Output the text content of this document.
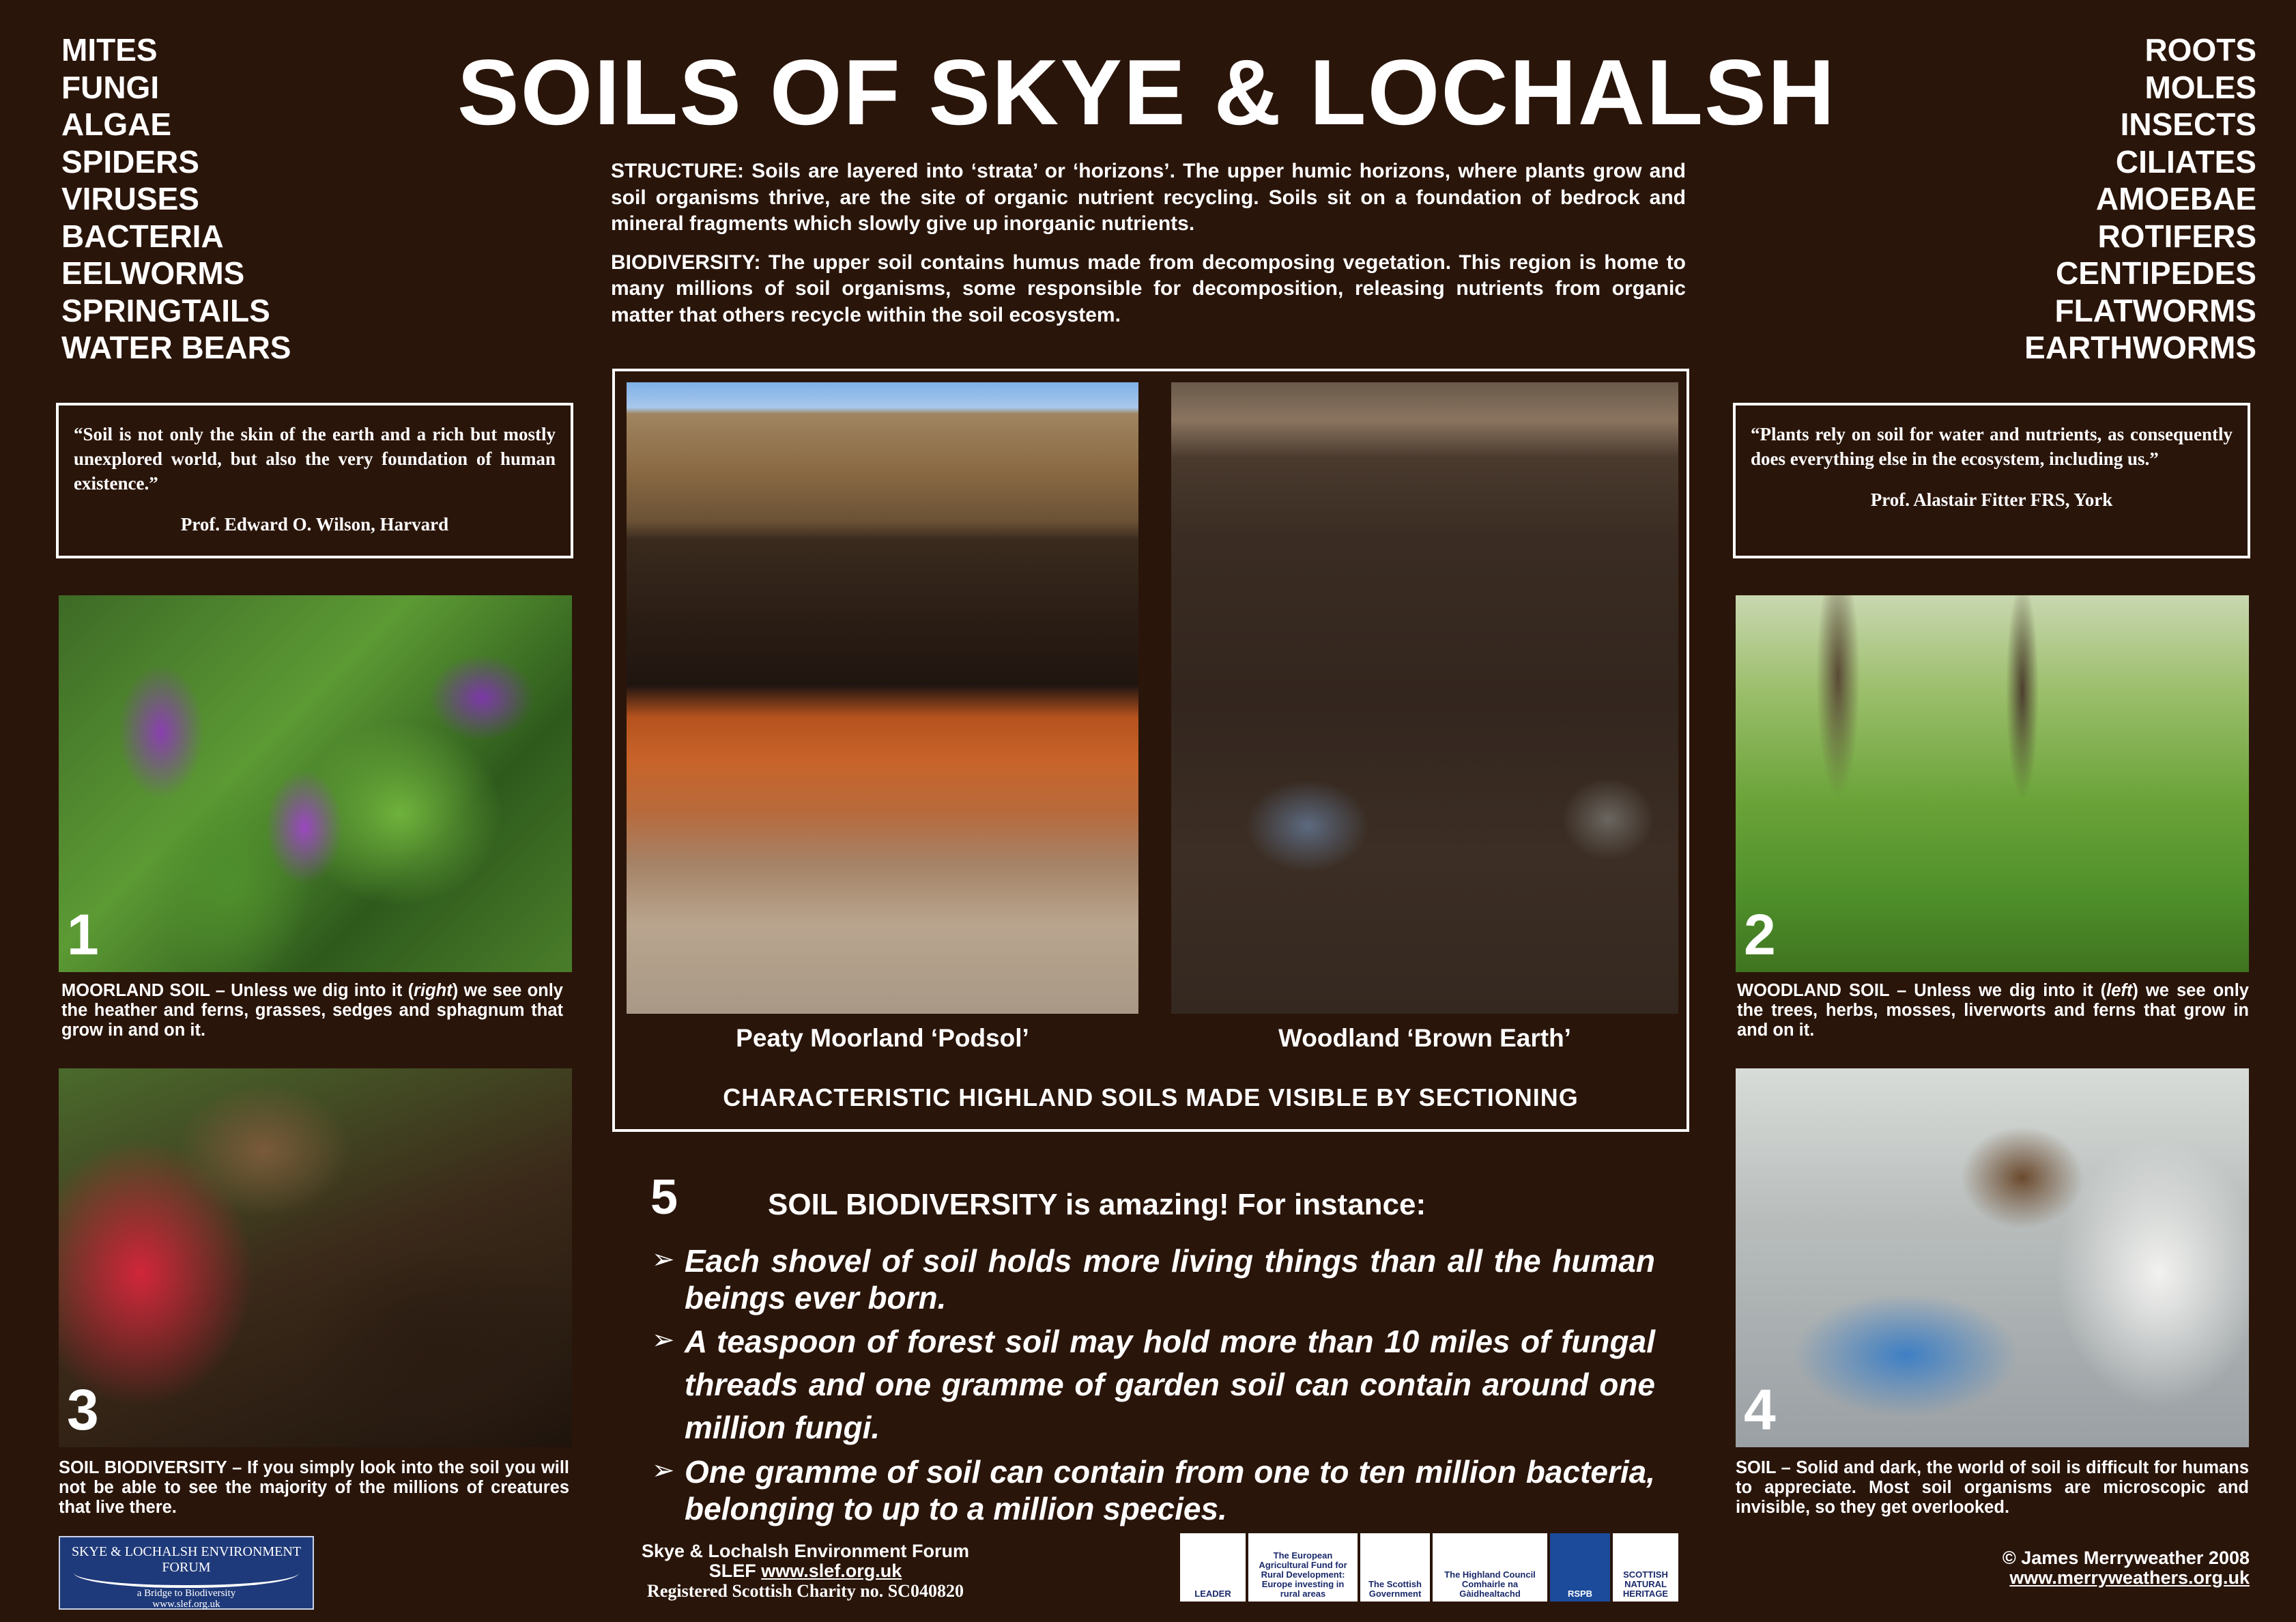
SOILS OF SKYE & LOCHALSH
MITES
FUNGI
ALGAE
SPIDERS
VIRUSES
BACTERIA
EELWORMS
SPRINGTAILS
WATER BEARS
ROOTS
MOLES
INSECTS
CILIATES
AMOEBAE
ROTIFERS
CENTIPEDES
FLATWORMS
EARTHWORMS

STRUCTURE: Soils are layered into ‘strata’ or ‘horizons’. The upper humic horizons, where plants grow and soil organisms thrive, are the site of organic nutrient recycling. Soils sit on a foundation of bedrock and mineral fragments which slowly give up inorganic nutrients.

BIODIVERSITY: The upper soil contains humus made from decomposing vegetation. This region is home to many millions of soil organisms, some responsible for decomposition, releasing nutrients from organic matter that others recycle within the soil ecosystem.

“Soil is not only the skin of the earth and a rich but mostly unexplored world, but also the very foundation of human existence.”
Prof. Edward O. Wilson, Harvard
“Plants rely on soil for water and nutrients, as consequently does everything else in the ecosystem, including us.”
Prof. Alastair Fitter FRS, York
1
MOORLAND SOIL – Unless we dig into it (right) we see only the heather and ferns, grasses, sedges and sphagnum that grow in and on it.
2
WOODLAND SOIL – Unless we dig into it (left) we see only the trees, herbs, mosses, liverworts and ferns that grow in and on it.
3
SOIL BIODIVERSITY – If you simply look into the soil you will not be able to see the majority of the millions of creatures that live there.
4
SOIL – Solid and dark, the world of soil is difficult for humans to appreciate. Most soil organisms are microscopic and invisible, so they get overlooked.
Peaty Moorland ‘Podsol’	Woodland ‘Brown Earth’
CHARACTERISTIC HIGHLAND SOILS MADE VISIBLE BY SECTIONING
5	SOIL BIODIVERSITY is amazing! For instance:
➢ Each shovel of soil holds more living things than all the human beings ever born.
➢ A teaspoon of forest soil may hold more than 10 miles of fungal threads and one gramme of garden soil can contain around one million fungi.
➢ One gramme of soil can contain from one to ten million bacteria, belonging to up to a million species.
SKYE & LOCHALSH ENVIRONMENT FORUM
a Bridge to Biodiversity
www.slef.org.uk
Skye & Lochalsh Environment Forum
SLEF www.slef.org.uk
Registered Scottish Charity no. SC040820	LEADER
The European Agricultural Fund for Rural Development: Europe investing in rural areas
The Scottish Government
The Highland Council Comhairle na Gàidhealtachd	RSPB
SCOTTISH NATURAL HERITAGE
© James Merryweather 2008
www.merryweathers.org.uk
